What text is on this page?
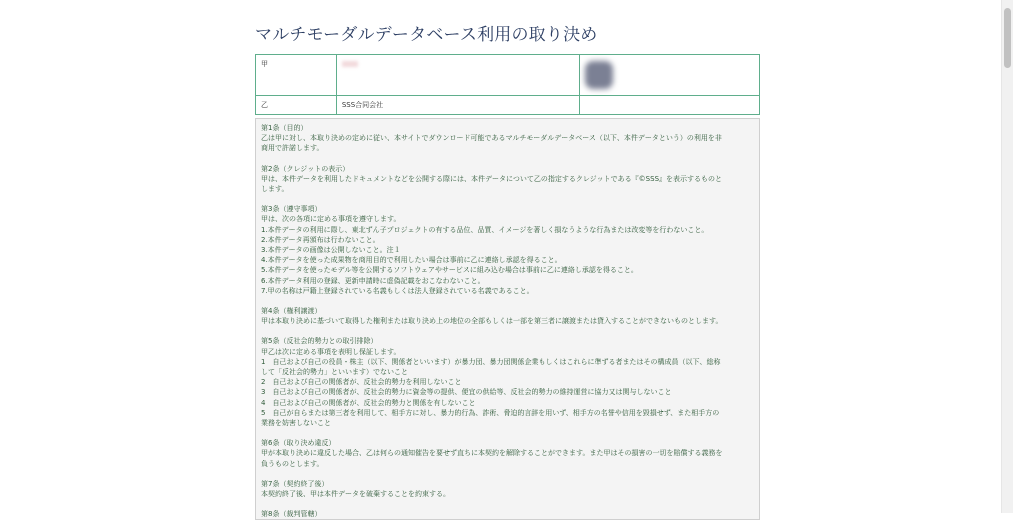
マルチモーダルデータベース利用の取り決め
甲		
乙	SSS合同会社	

第1条（目的）

乙は甲に対し、本取り決めの定めに従い、本サイトでダウンロード可能であるマルチモーダルデータベース（以下、本件データという）の利用を非

商用で許諾します。

第2条（クレジットの表示）

甲は、本件データを利用したドキュメントなどを公開する際には、本件データについて乙の指定するクレジットである『©SSS』を表示するものと

します。

第3条（遵守事項）

甲は、次の各項に定める事項を遵守します。

1.本件データの利用に際し、東北ずん子プロジェクトの有する品位、品質、イメージを著しく損なうような行為または改変等を行わないこと。

2.本件データ再頒布は行わないこと。

3.本件データの画像は公開しないこと。注１

4.本件データを使った成果物を商用目的で利用したい場合は事前に乙に連絡し承認を得ること。

5.本件データを使ったモデル等を公開するソフトウェアやサービスに組み込む場合は事前に乙に連絡し承認を得ること。

6.本件データ利用の登録、更新申請時に虚偽記載をおこなわないこと。

7.甲の名称は戸籍上登録されている名義もしくは法人登録されている名義であること。

第4条（権利譲渡）

甲は本取り決めに基づいて取得した権利または取り決め上の地位の全部もしくは一部を第三者に譲渡または貸入することができないものとします。

第5条（反社会的勢力との取引排除）

甲乙は次に定める事項を表明し保証します。

1　自己および自己の役員・株主（以下、関係者といいます）が暴力団、暴力団関係企業もしくはこれらに準ずる者またはその構成員（以下、総称

して「反社会的勢力」といいます）でないこと

2　自己および自己の関係者が、反社会的勢力を利用しないこと

3　自己および自己の関係者が、反社会的勢力に資金等の提供、便宜の供給等、反社会的勢力の維持運営に協力又は関与しないこと

4　自己および自己の関係者が、反社会的勢力と関係を有しないこと

5　自己が自らまたは第三者を利用して、相手方に対し、暴力的行為、詐術、脅迫的言辞を用いず、相手方の名誉や信用を毀損せず、また相手方の

業務を妨害しないこと

第6条（取り決め違反）

甲が本取り決めに違反した場合、乙は何らの通知催告を要せず直ちに本契約を解除することができます。また甲はその損害の一切を賠償する義務を

負うものとします。

第7条（契約終了後）

本契約終了後、甲は本件データを破棄することを約束する。

第8条（裁判管轄）
